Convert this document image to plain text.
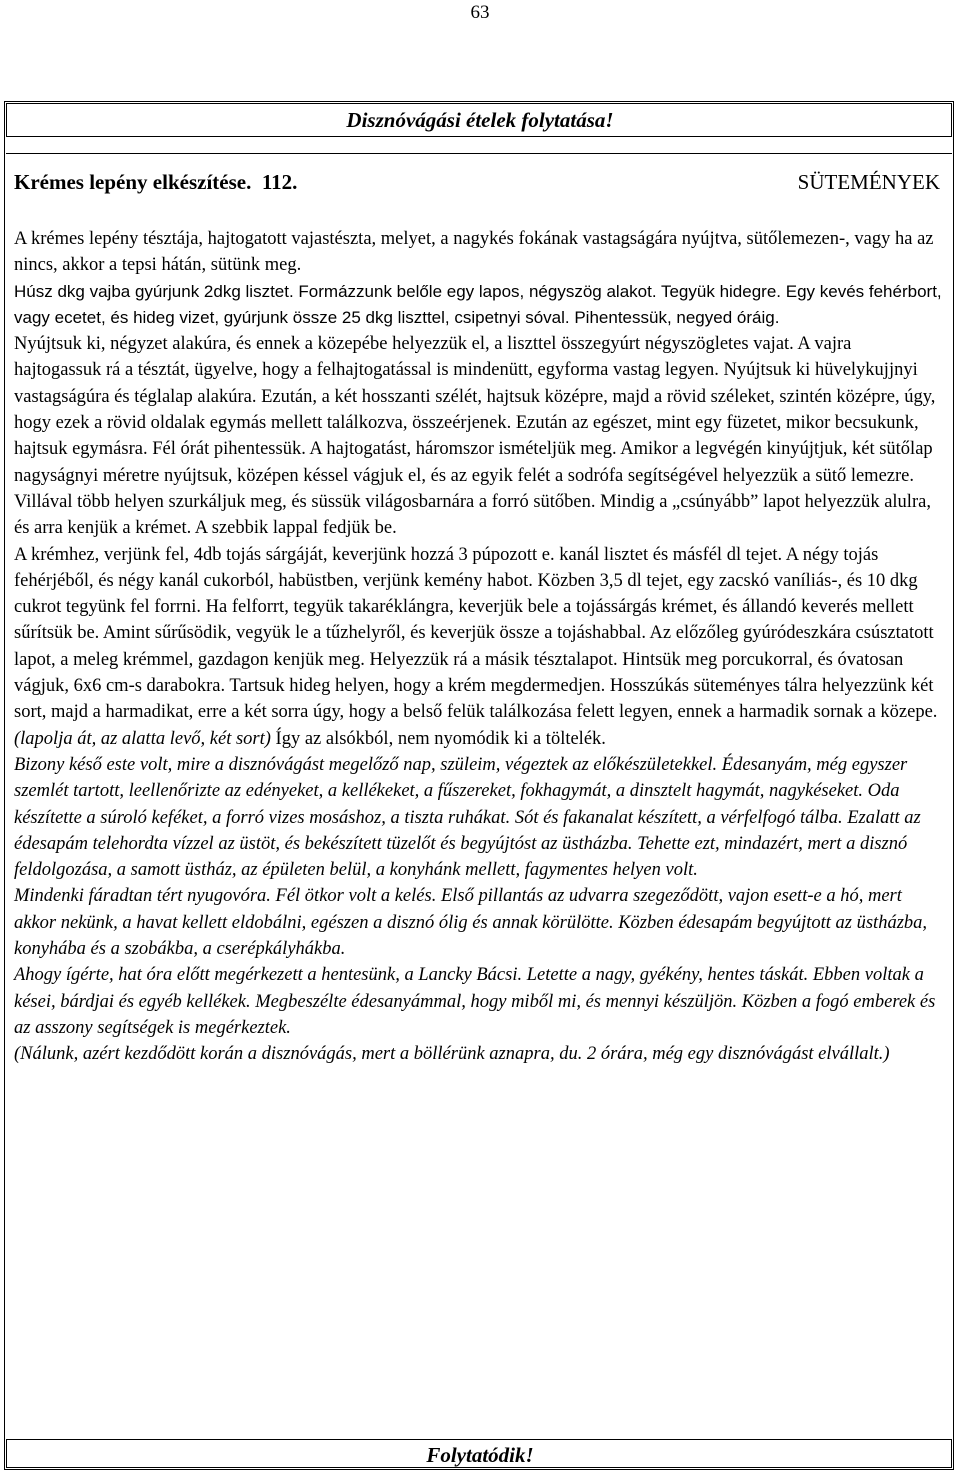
63
Disznóvágási ételek folytatása!
Krémes lepény elkészítése. 112.	SÜTEMÉNYEK

A krémes lepény tésztája, hajtogatott vajastészta, melyet, a nagykés fokának vastagságára nyújtva, sütőlemezen-, vagy ha az nincs, akkor a tepsi hátán, sütünk meg.

Húsz dkg vajba gyúrjunk 2dkg lisztet. Formázzunk belőle egy lapos, négyszög alakot. Tegyük hidegre. Egy kevés fehérbort, vagy ecetet, és hideg vizet, gyúrjunk össze 25 dkg liszttel, csipetnyi sóval. Pihentessük, negyed óráig.

Nyújtsuk ki, négyzet alakúra, és ennek a közepébe helyezzük el, a liszttel összegyúrt négyszögletes vajat. A vajra hajtogassuk rá a tésztát, ügyelve, hogy a felhajtogatással is mindenütt, egyforma vastag legyen. Nyújtsuk ki hüvelykujjnyi vastagságúra és téglalap alakúra. Ezután, a két hosszanti szélét, hajtsuk középre, majd a rövid széleket, szintén középre, úgy, hogy ezek a rövid oldalak egymás mellett találkozva, összeérjenek. Ezután az egészet, mint egy füzetet, mikor becsukunk, hajtsuk egymásra. Fél órát pihentessük. A hajtogatást, háromszor ismételjük meg. Amikor a legvégén kinyújtjuk, két sütőlap nagyságnyi méretre nyújtsuk, középen késsel vágjuk el, és az egyik felét a sodrófa segítségével helyezzük a sütő lemezre. Villával több helyen szurkáljuk meg, és süssük világosbarnára a forró sütőben. Mindig a „csúnyább” lapot helyezzük alulra, és arra kenjük a krémet. A szebbik lappal fedjük be.

A krémhez, verjünk fel, 4db tojás sárgáját, keverjünk hozzá 3 púpozott e. kanál lisztet és másfél dl tejet. A négy tojás fehérjéből, és négy kanál cukorból, habüstben, verjünk kemény habot. Közben 3,5 dl tejet, egy zacskó vaníliás-, és 10 dkg cukrot tegyünk fel forrni. Ha felforrt, tegyük takaréklángra, keverjük bele a tojássárgás krémet, és állandó keverés mellett sűrítsük be. Amint sűrűsödik, vegyük le a tűzhelyről, és keverjük össze a tojáshabbal. Az előzőleg gyúródeszkára csúsztatott lapot, a meleg krémmel, gazdagon kenjük meg. Helyezzük rá a másik tésztalapot. Hintsük meg porcukorral, és óvatosan vágjuk, 6x6 cm-s darabokra. Tartsuk hideg helyen, hogy a krém megdermedjen. Hosszúkás süteményes tálra helyezzünk két sort, majd a harmadikat, erre a két sorra úgy, hogy a belső felük találkozása felett legyen, ennek a harmadik sornak a közepe.(lapolja át, az alatta levő, két sort) Így az alsókból, nem nyomódik ki a töltelék.

Bizony késő este volt, mire a disznóvágást megelőző nap, szüleim, végeztek az előkészületekkel. Édesanyám, még egyszer szemlét tartott, leellenőrizte az edényeket, a kellékeket, a fűszereket, fokhagymát, a dinsztelt hagymát, nagykéseket. Oda készítette a súroló keféket, a forró vizes mosáshoz, a tiszta ruhákat. Sót és fakanalat készített, a vérfelfogó tálba. Ezalatt az édesapám telehordta vízzel az üstöt, és bekészített tüzelőt és begyújtóst az üstházba. Tehette ezt, mindazért, mert a disznó feldolgozása, a samott üstház, az épületen belül, a konyhánk mellett, fagymentes helyen volt.

Mindenki fáradtan tért nyugovóra. Fél ötkor volt a kelés. Első pillantás az udvarra szegeződött, vajon esett-e a hó, mert akkor nekünk, a havat kellett eldobálni, egészen a disznó ólig és annak körülötte. Közben édesapám begyújtott az üstházba, konyhába és a szobákba, a cserépkályhákba.

Ahogy ígérte, hat óra előtt megérkezett a hentesünk, a Lancky Bácsi. Letette a nagy, gyékény, hentes táskát. Ebben voltak a kései, bárdjai és egyéb kellékek. Megbeszélte édesanyámmal, hogy miből mi, és mennyi készüljön. Közben a fogó emberek és az asszony segítségek is megérkeztek.

(Nálunk, azért kezdődött korán a disznóvágás, mert a böllérünk aznapra, du. 2 órára, még egy disznóvágást elvállalt.)

Folytatódik!
